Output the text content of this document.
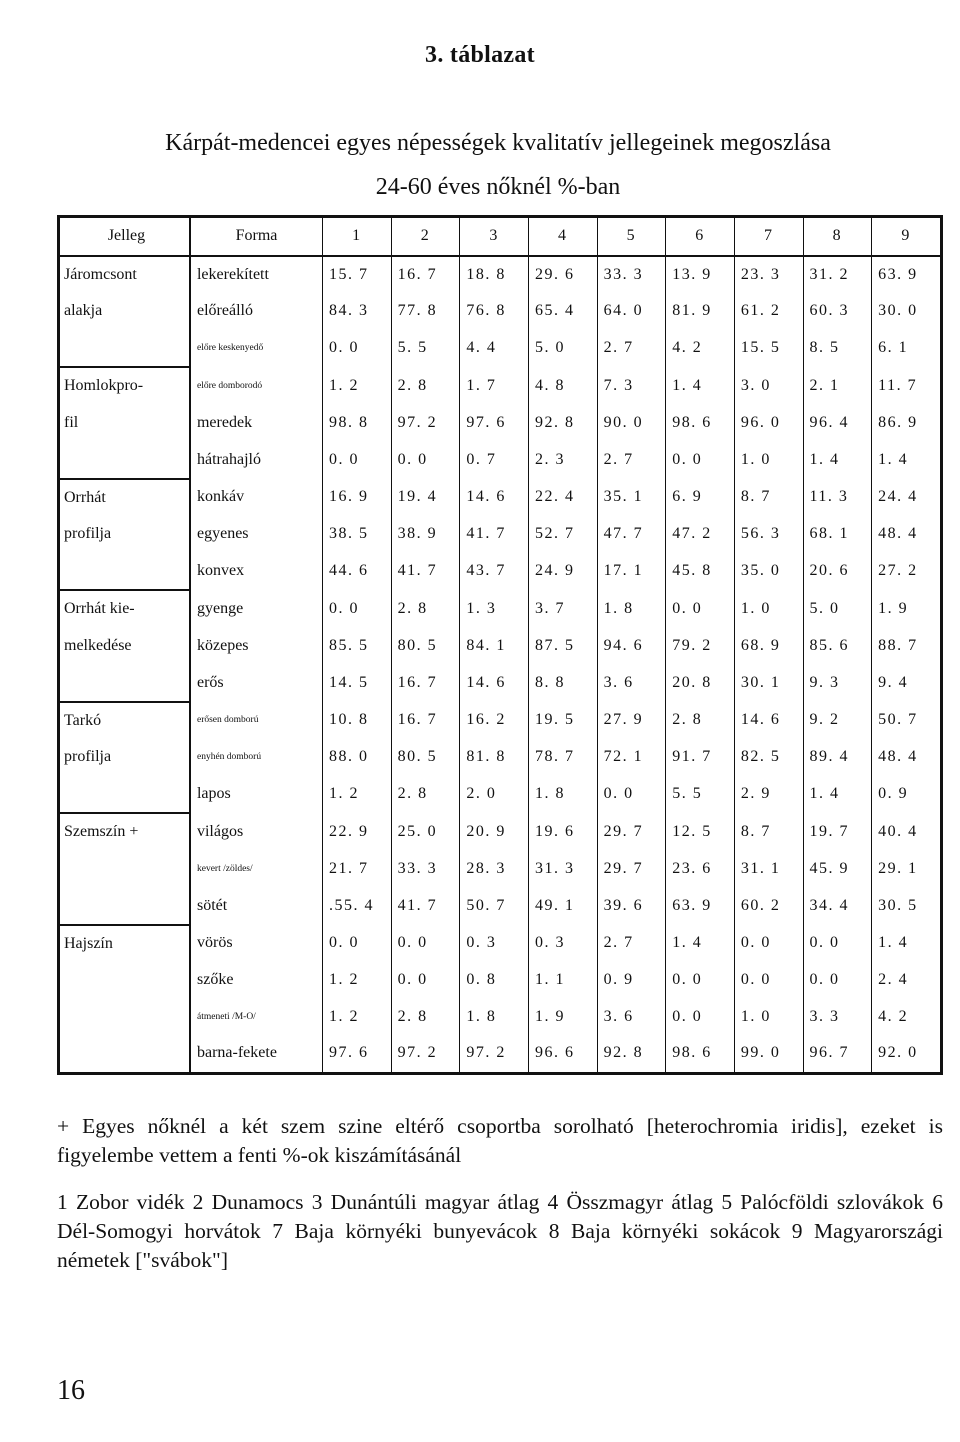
3. táblazat
Kárpát-medencei egyes népességek kvalitatív jellegeinek megoszlása
24-60 éves nőknél %-ban
Jelleg	Forma	1	2	3	4	5	6	7	8	9
Járomcsont	lekerekített	15. 7	16. 7	18. 8	29. 6	33. 3	13. 9	23. 3	31. 2	63. 9
alakja	előreálló	84. 3	77. 8	76. 8	65. 4	64. 0	81. 9	61. 2	60. 3	30. 0
	előre keskenyedő	0. 0	5. 5	4. 4	5. 0	2. 7	4. 2	15. 5	8. 5	6. 1
Homlokpro-	előre domborodó	1. 2	2. 8	1. 7	4. 8	7. 3	1. 4	3. 0	2. 1	11. 7
fil	meredek	98. 8	97. 2	97. 6	92. 8	90. 0	98. 6	96. 0	96. 4	86. 9
	hátrahajló	0. 0	0. 0	0. 7	2. 3	2. 7	0. 0	1. 0	1. 4	1. 4
Orrhát	konkáv	16. 9	19. 4	14. 6	22. 4	35. 1	6. 9	8. 7	11. 3	24. 4
profilja	egyenes	38. 5	38. 9	41. 7	52. 7	47. 7	47. 2	56. 3	68. 1	48. 4
	konvex	44. 6	41. 7	43. 7	24. 9	17. 1	45. 8	35. 0	20. 6	27. 2
Orrhát kie-	gyenge	0. 0	2. 8	1. 3	3. 7	1. 8	0. 0	1. 0	5. 0	1. 9
melkedése	közepes	85. 5	80. 5	84. 1	87. 5	94. 6	79. 2	68. 9	85. 6	88. 7
	erős	14. 5	16. 7	14. 6	8. 8	3. 6	20. 8	30. 1	9. 3	9. 4
Tarkó	erősen domború	10. 8	16. 7	16. 2	19. 5	27. 9	2. 8	14. 6	9. 2	50. 7
profilja	enyhén domború	88. 0	80. 5	81. 8	78. 7	72. 1	91. 7	82. 5	89. 4	48. 4
	lapos	1. 2	2. 8	2. 0	1. 8	0. 0	5. 5	2. 9	1. 4	0. 9
Szemszín +	világos	22. 9	25. 0	20. 9	19. 6	29. 7	12. 5	8. 7	19. 7	40. 4
	kevert /zöldes/	21. 7	33. 3	28. 3	31. 3	29. 7	23. 6	31. 1	45. 9	29. 1
	sötét	.55. 4	41. 7	50. 7	49. 1	39. 6	63. 9	60. 2	34. 4	30. 5
Hajszín	vörös	0. 0	0. 0	0. 3	0. 3	2. 7	1. 4	0. 0	0. 0	1. 4
	szőke	1. 2	0. 0	0. 8	1. 1	0. 9	0. 0	0. 0	0. 0	2. 4
	átmeneti /M-O/	1. 2	2. 8	1. 8	1. 9	3. 6	0. 0	1. 0	3. 3	4. 2
	barna-fekete	97. 6	97. 2	97. 2	96. 6	92. 8	98. 6	99. 0	96. 7	92. 0
+ Egyes nőknél a két szem szine eltérő csoportba sorolható [heterochromia iridis], ezeket is figyelembe vettem a fenti %-ok kiszámításánál
1 Zobor vidék 2 Dunamocs 3 Dunántúli magyar átlag 4 Összmagyr átlag 5 Palócföldi szlovákok 6 Dél-Somogyi horvátok 7 Baja környéki bunyevácok 8 Baja környéki sokácok 9 Magyarországi németek ["svábok"]
16
